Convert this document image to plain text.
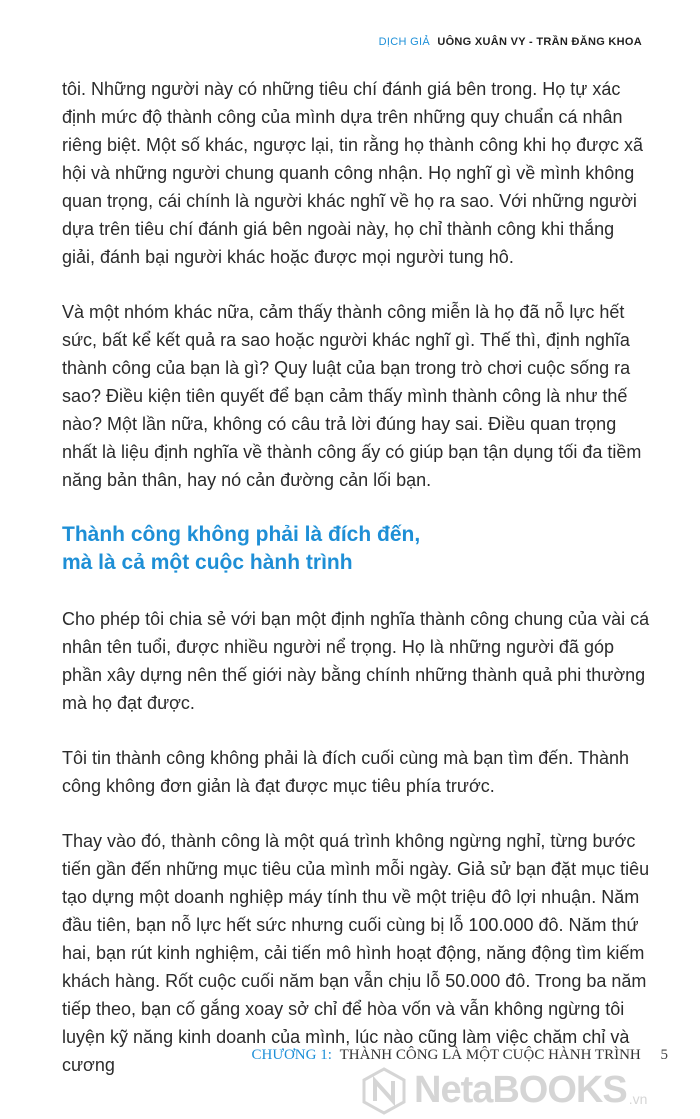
DỊCH GIẢ UÔNG XUÂN VY - TRẦN ĐĂNG KHOA

tôi. Những người này có những tiêu chí đánh giá bên trong. Họ tự xác định mức độ thành công của mình dựa trên những quy chuẩn cá nhân riêng biệt. Một số khác, ngược lại, tin rằng họ thành công khi họ được xã hội và những người chung quanh công nhận. Họ nghĩ gì về mình không quan trọng, cái chính là người khác nghĩ về họ ra sao. Với những người dựa trên tiêu chí đánh giá bên ngoài này, họ chỉ thành công khi thắng giải, đánh bại người khác hoặc được mọi người tung hô.

Và một nhóm khác nữa, cảm thấy thành công miễn là họ đã nỗ lực hết sức, bất kể kết quả ra sao hoặc người khác nghĩ gì. Thế thì, định nghĩa thành công của bạn là gì? Quy luật của bạn trong trò chơi cuộc sống ra sao? Điều kiện tiên quyết để bạn cảm thấy mình thành công là như thế nào? Một lần nữa, không có câu trả lời đúng hay sai. Điều quan trọng nhất là liệu định nghĩa về thành công ấy có giúp bạn tận dụng tối đa tiềm năng bản thân, hay nó cản đường cản lối bạn.

Thành công không phải là đích đến,
mà là cả một cuộc hành trình

Cho phép tôi chia sẻ với bạn một định nghĩa thành công chung của vài cá nhân tên tuổi, được nhiều người nể trọng. Họ là những người đã góp phần xây dựng nên thế giới này bằng chính những thành quả phi thường mà họ đạt được.

Tôi tin thành công không phải là đích cuối cùng mà bạn tìm đến. Thành công không đơn giản là đạt được mục tiêu phía trước.

Thay vào đó, thành công là một quá trình không ngừng nghỉ, từng bước tiến gần đến những mục tiêu của mình mỗi ngày. Giả sử bạn đặt mục tiêu tạo dựng một doanh nghiệp máy tính thu về một triệu đô lợi nhuận. Năm đầu tiên, bạn nỗ lực hết sức nhưng cuối cùng bị lỗ 100.000 đô. Năm thứ hai, bạn rút kinh nghiệm, cải tiến mô hình hoạt động, năng động tìm kiếm khách hàng. Rốt cuộc cuối năm bạn vẫn chịu lỗ 50.000 đô. Trong ba năm tiếp theo, bạn cố gắng xoay sở chỉ để hòa vốn và vẫn không ngừng tôi luyện kỹ năng kinh doanh của mình, lúc nào cũng làm việc chăm chỉ và cương	CHƯƠNG 1: THÀNH CÔNG LÀ MỘT CUỘC HÀNH TRÌNH 5
NetaBOOKS .vn
